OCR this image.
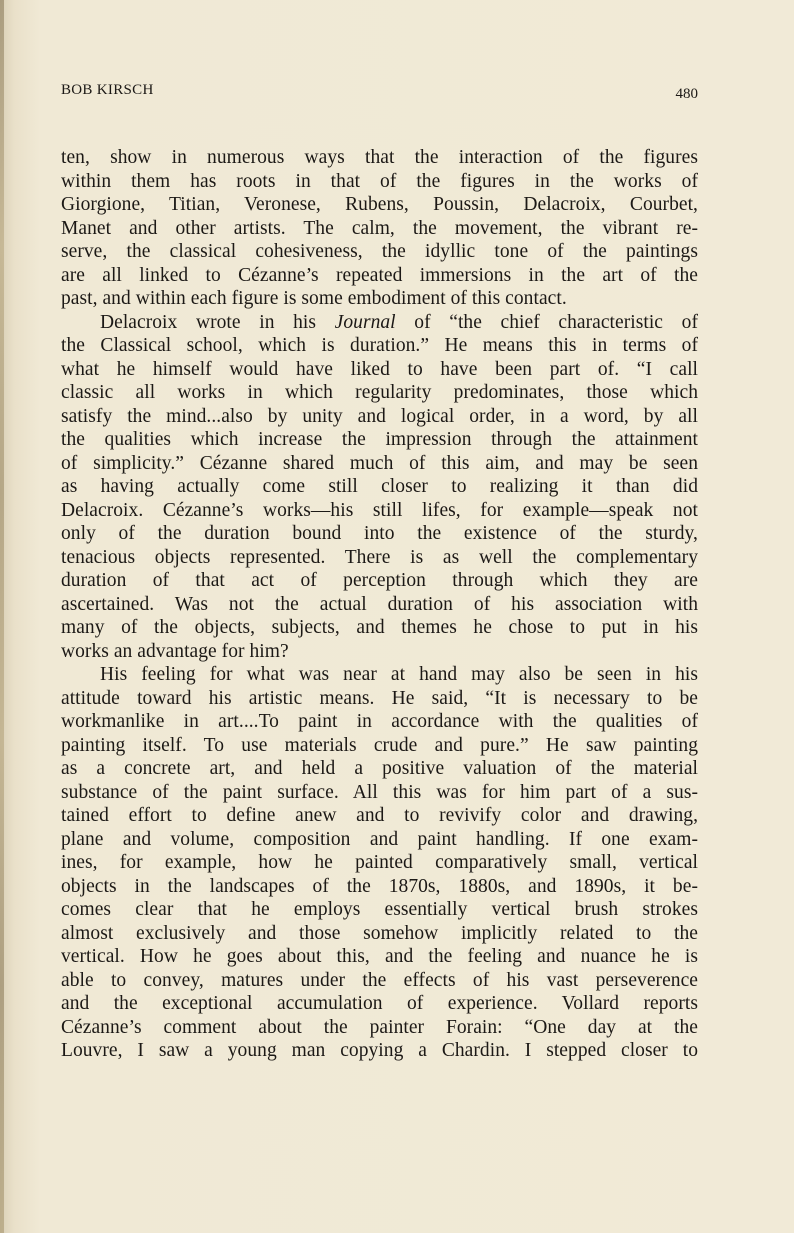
BOB KIRSCH	480
ten, show in numerous ways that the interaction of the figures
within them has roots in that of the figures in the works of
Giorgione, Titian, Veronese, Rubens, Poussin, Delacroix, Courbet,
Manet and other artists. The calm, the movement, the vibrant re-
serve, the classical cohesiveness, the idyllic tone of the paintings
are all linked to Cézanne’s repeated immersions in the art of the
past, and within each figure is some embodiment of this contact.
Delacroix wrote in his Journal of “the chief characteristic of
the Classical school, which is duration.” He means this in terms of
what he himself would have liked to have been part of. “I call
classic all works in which regularity predominates, those which
satisfy the mind...also by unity and logical order, in a word, by all
the qualities which increase the impression through the attainment
of simplicity.” Cézanne shared much of this aim, and may be seen
as having actually come still closer to realizing it than did
Delacroix. Cézanne’s works—his still lifes, for example—speak not
only of the duration bound into the existence of the sturdy,
tenacious objects represented. There is as well the complementary
duration of that act of perception through which they are
ascertained. Was not the actual duration of his association with
many of the objects, subjects, and themes he chose to put in his
works an advantage for him?
His feeling for what was near at hand may also be seen in his
attitude toward his artistic means. He said, “It is necessary to be
workmanlike in art....To paint in accordance with the qualities of
painting itself. To use materials crude and pure.” He saw painting
as a concrete art, and held a positive valuation of the material
substance of the paint surface. All this was for him part of a sus-
tained effort to define anew and to revivify color and drawing,
plane and volume, composition and paint handling. If one exam-
ines, for example, how he painted comparatively small, vertical
objects in the landscapes of the 1870s, 1880s, and 1890s, it be-
comes clear that he employs essentially vertical brush strokes
almost exclusively and those somehow implicitly related to the
vertical. How he goes about this, and the feeling and nuance he is
able to convey, matures under the effects of his vast perseverence
and the exceptional accumulation of experience. Vollard reports
Cézanne’s comment about the painter Forain: “One day at the
Louvre, I saw a young man copying a Chardin. I stepped closer to
